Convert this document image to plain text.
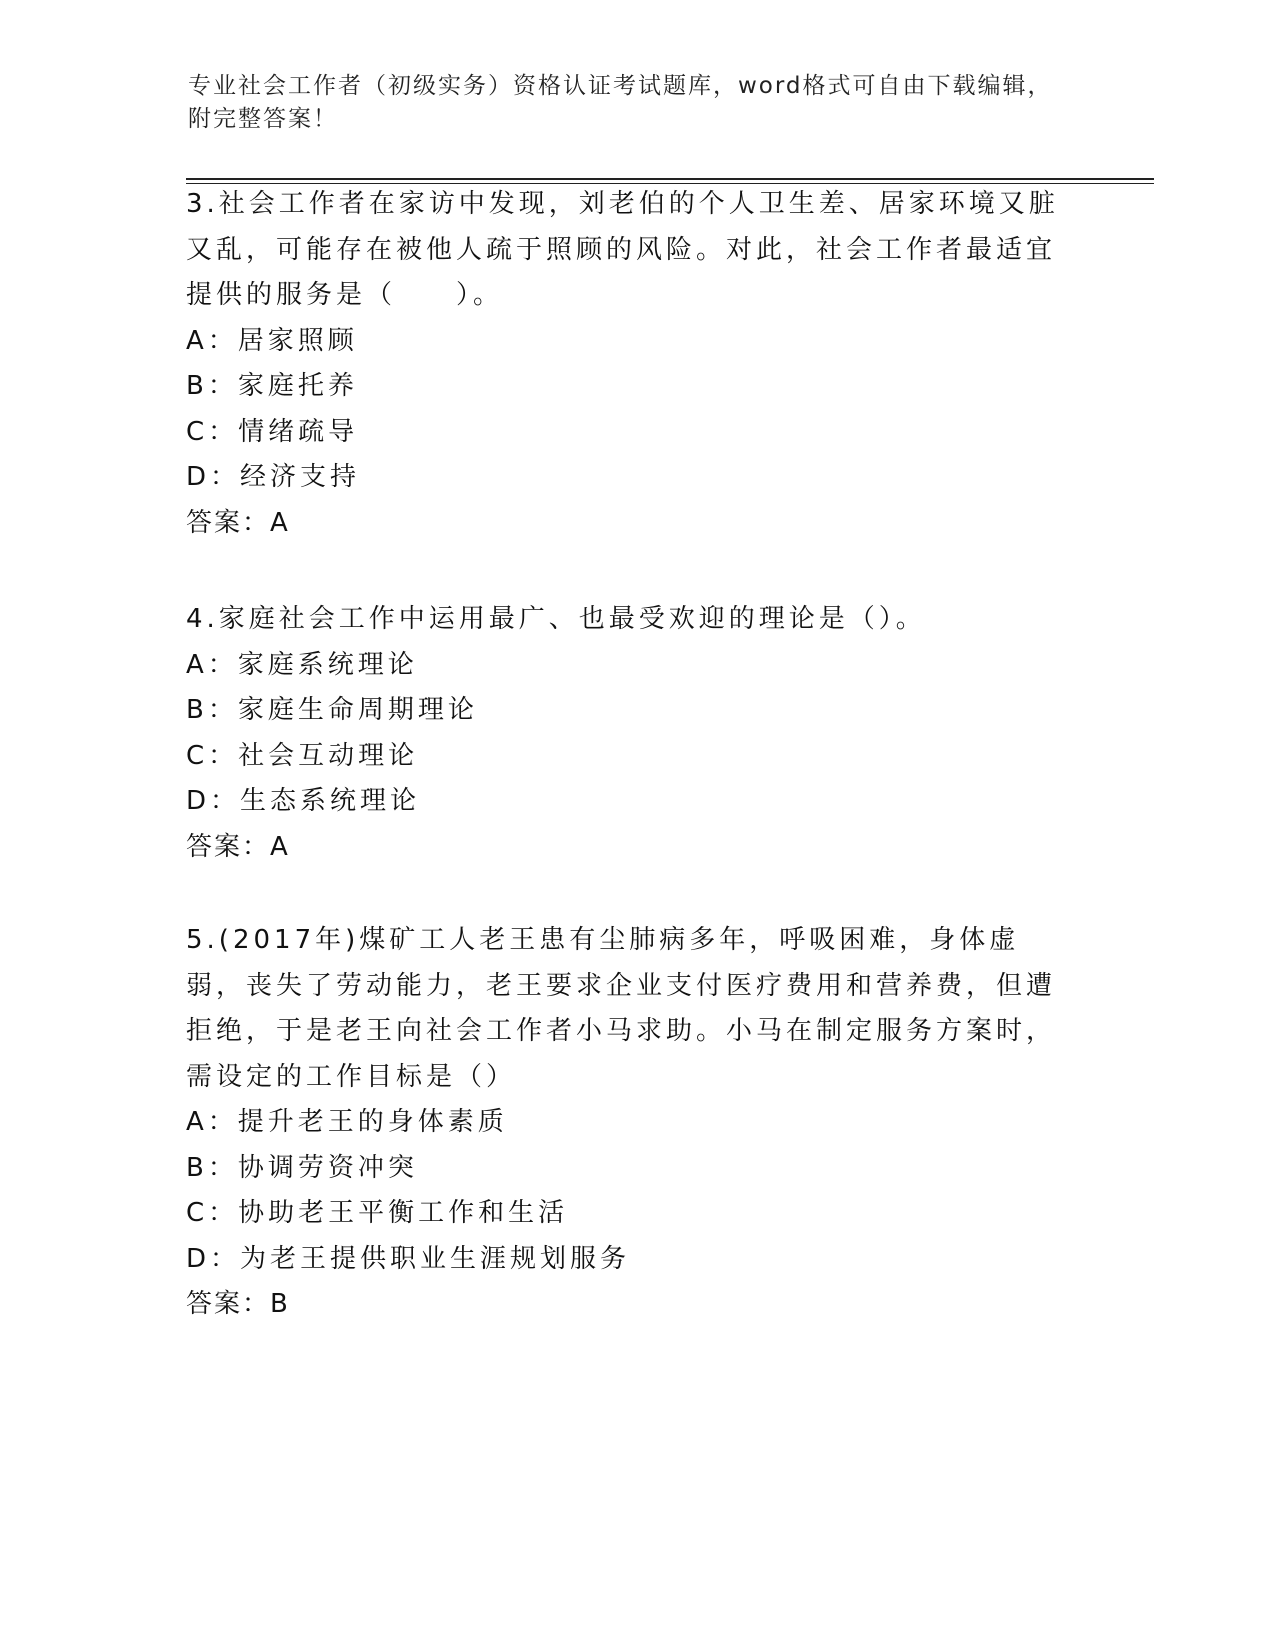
专业社会工作者（初级实务）资格认证考试题库，word格式可自由下载编辑，附完整答案！

3.社会工作者在家访中发现，刘老伯的个人卫生差、居家环境又脏又乱，可能存在被他人疏于照顾的风险。对此，社会工作者最适宜提供的服务是（　　）。

A：居家照顾

B：家庭托养

C：情绪疏导

D：经济支持

答案：A

4.家庭社会工作中运用最广、也最受欢迎的理论是（）。

A：家庭系统理论

B：家庭生命周期理论

C：社会互动理论

D：生态系统理论

答案：A

5.(2017年)煤矿工人老王患有尘肺病多年，呼吸困难，身体虚弱，丧失了劳动能力，老王要求企业支付医疗费用和营养费，但遭拒绝，于是老王向社会工作者小马求助。小马在制定服务方案时，需设定的工作目标是（）

A：提升老王的身体素质

B：协调劳资冲突

C：协助老王平衡工作和生活

D：为老王提供职业生涯规划服务

答案：B
